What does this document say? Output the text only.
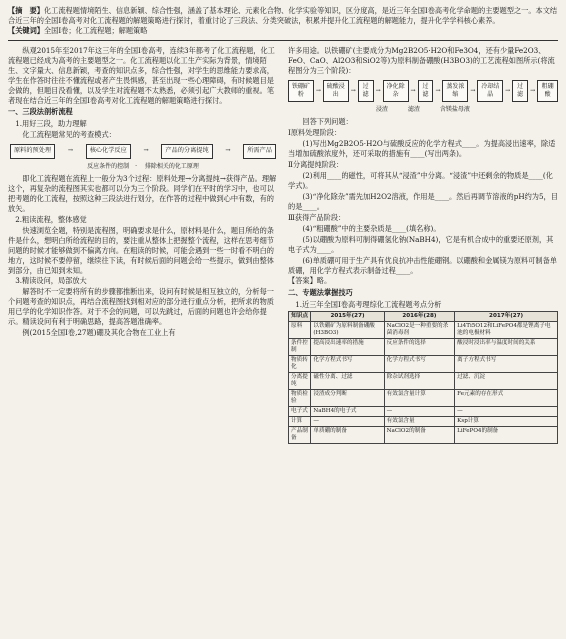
【摘　要】化工流程题情境陌生、信息新颖、综合性强，涵盖了基本理论、元素化合物、化学实验等知识，区分度高，是近三年全国Ⅰ卷高考化学命题的主要题型之一。本文结合近三年的全国Ⅰ卷高考对化工流程题的解题策略进行探讨，着重讨论了三段法、分类突破法，积累并提升化工流程题的解题能力，提升化学学科核心素养。

【关键词】全国Ⅰ卷；化工流程题；解题策略

纵观2015年至2017年这三年的全国Ⅰ卷高考，连续3年都考了化工流程题，化工流程题已经成为高考的主要题型之一。化工流程题以化工生产实际为背景，情境陌生、文字量大、信息新颖，考查的知识点多，综合性强，对学生的思维能力要求高，学生在作答时往往不懂流程或者产生畏惧感，甚至出现一些心理障碍，有时候题目是会做的，但题目没看懂，以及学生对流程题不太熟悉，必须引起广大教师的重视。笔者现在结合近三年的全国Ⅰ卷高考对化工流程题的解题策略进行探讨。

一、三段法剖析流程

1.用好三段，助力理解

化工流程题常见的考查模式：

原料的预处理	→	核心化学反应	→	产品的分离提纯	→	所需产品
反应条件的控制　·　 排除相关的化工原理

即化工流程题在流程上一般分为3个过程：原料处理→分离提纯→获得产品。理解这个，再复杂的流程图其实也都可以分为三个阶段。同学们在平时的学习中，也可以把考题的化工流程，按照这种三段法进行划分，在作答的过程中做到心中有数，有的放矢。

2.粗读流程，整体感觉

快速浏览全题，特别是流程图，明确要求是什么，原材料是什么，题目所给的条件是什么，想明白所给流程的目的，要注重从整体上把握整个流程，这样在思考细节问题的时候才能够做到不偏离方向。在粗读的时候，可能会遇到一些一时看不明白的地方，这时候不要停留，继续往下读，有时候后面的问题会给一些提示，做到由整体到部分，由已知到未知。

3.精读设问，局部放大

解答时不一定要将所有的步骤都推断出来，设问有时候是相互独立的，分析每一个问题考查的知识点，再结合流程图找到相对应的部分进行重点分析，把所求的物质用已学的化学知识作答。对于不会的问题，可以先跳过，后面的问题也许会给你提示。精读设问有利于明确思路，提高答题准确率。

例(2015全国Ⅰ卷,27题)硼及其化合物在工业上有

许多用途。以铁硼矿(主要成分为Mg2B2O5·H2O和Fe3O4，还有少量Fe2O3、FeO、CaO、Al2O3和SiO2等)为原料制备硼酸(H3BO3)的工艺流程如图所示(将流程图分为三个阶段)：

铁硼矿粉
→
硫酸浸出
→
过滤
→
净化除杂
→
过滤
→
蒸发浓缩
→
冷却结晶
→
过滤
→
粗硼酸
浸渣　　　	滤渣　　　	含镁盐母液

回答下列问题：

Ⅰ原料处理阶段：

(1)写出Mg2B2O5·H2O与硫酸反应的化学方程式____。为提高浸出速率，除适当增加硫酸浓度外，还可采取的措施有____(写出两条)。

Ⅱ分离提纯阶段：

(2)利用____的磁性，可将其从“浸渣”中分离。“浸渣”中还剩余的物质是____(化学式)。

(3)“净化除杂”需先加H2O2溶液，作用是____。然后再调节溶液的pH约为5，目的是____。

Ⅲ获得产品阶段：

(4)“粗硼酸”中的主要杂质是____(填名称)。

(5)以硼酸为原料可制得硼氢化钠(NaBH4)，它是有机合成中的重要还原剂，其电子式为____。

(6)单质硼可用于生产具有优良抗冲击性能硼钢。以硼酸和金属镁为原料可制备单质硼，用化学方程式表示制备过程____。

【答案】略。

二、专题法掌握技巧

1.近三年全国Ⅰ卷高考理综化工流程题考点分析

知识点	2015年(27)	2016年(28)	2017年(27)
原料	以铁硼矿为原料制备硼酸(H3BO3)	NaClO2是一种重要的杀菌消毒剂	Li4Ti5O12和LiFePO4都是锂离子电池的电极材料
条件控制	提高浸出速率的措施	反应条件的选择	酸浸时浸出率与温度时间的关系
物质转化	化学方程式书写	化学方程式书写	离子方程式书写
分离提纯	磁性分离、过滤	除杂试剂选择	过滤、沉淀
物质检验	浸渣成分判断	有效氯含量计算	Fe元素的存在形式
电子式	NaBH4的电子式	—	—
计算	—	有效氯含量	Ksp计算
产品制备	单质硼的制备	NaClO2的制备	LiFePO4的制备
